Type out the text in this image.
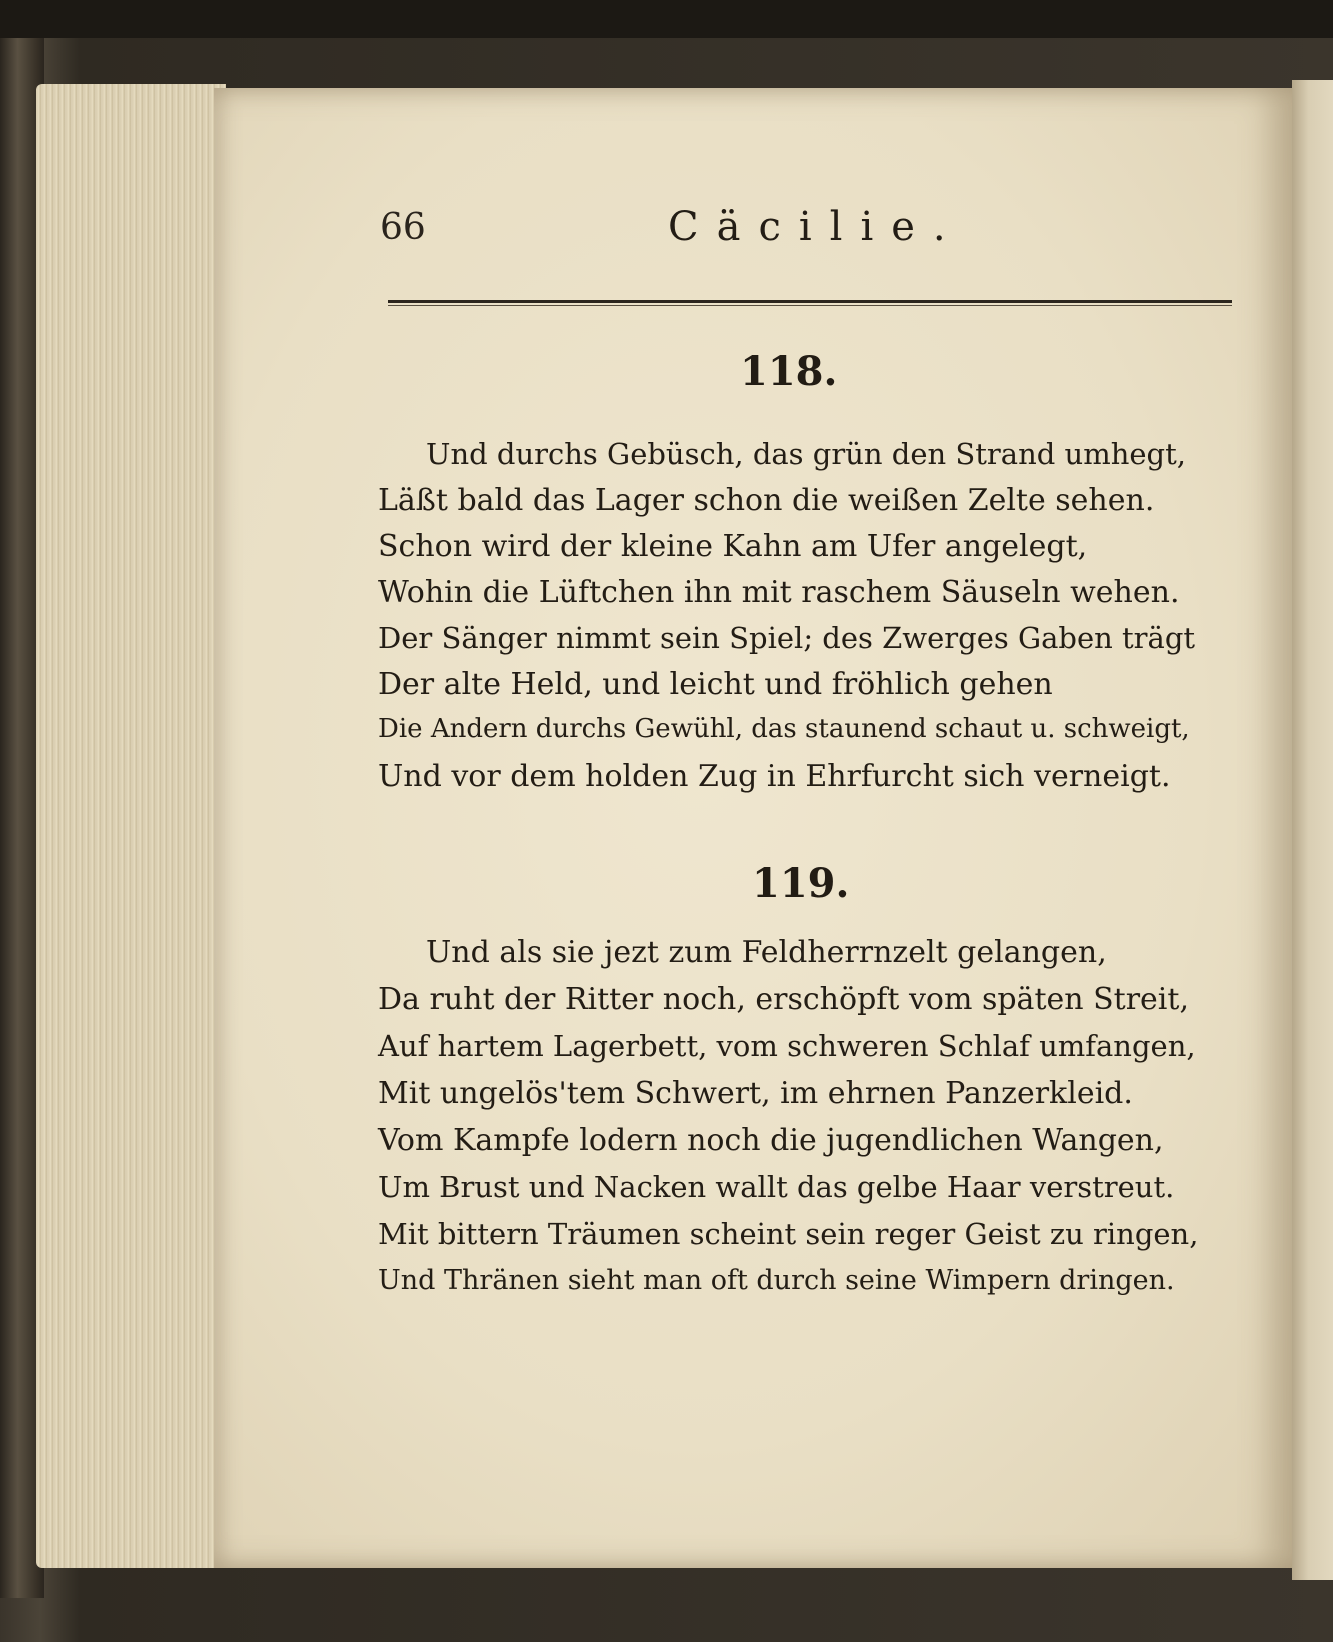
66	Cäcilie.
118.
Und durchs Gebüsch, das grün den Strand umhegt,
Läßt bald das Lager schon die weißen Zelte sehen.
Schon wird der kleine Kahn am Ufer angelegt,
Wohin die Lüftchen ihn mit raschem Säuseln wehen.
Der Sänger nimmt sein Spiel; des Zwerges Gaben trägt
Der alte Held, und leicht und fröhlich gehen
Die Andern durchs Gewühl, das staunend schaut u. schweigt,
Und vor dem holden Zug in Ehrfurcht sich verneigt.
119.
Und als sie jezt zum Feldherrnzelt gelangen,
Da ruht der Ritter noch, erschöpft vom späten Streit,
Auf hartem Lagerbett, vom schweren Schlaf umfangen,
Mit ungelös'tem Schwert, im ehrnen Panzerkleid.
Vom Kampfe lodern noch die jugendlichen Wangen,
Um Brust und Nacken wallt das gelbe Haar verstreut.
Mit bittern Träumen scheint sein reger Geist zu ringen,
Und Thränen sieht man oft durch seine Wimpern dringen.
